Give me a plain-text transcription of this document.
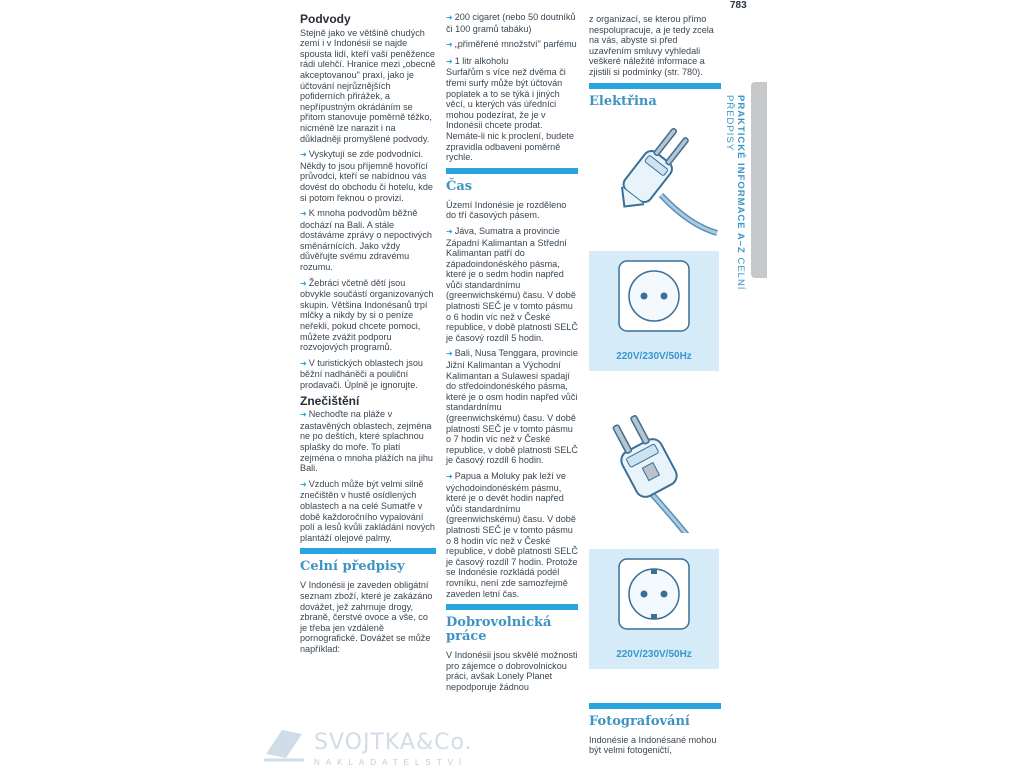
783
PRAKTICKÉ INFORMACE A–Z CELNÍ PŘEDPISY
Podvody

Stejně jako ve většině chudých zemí i v Indonésii se najde spousta lidí, kteří vaší peněžence rádi ulehčí. Hranice mezi „obecně akceptovanou" praxí, jako je účtování nejrůznějších pofiderních přirážek, a nepřípustným okrádáním se přitom stanovuje poměrně těžko, nicméně lze narazit i na důkladněji promyšlené podvody.

➜ Vyskytují se zde podvodníci. Někdy to jsou příjemně hovořící průvodci, kteří se nabídnou vás dovést do obchodu či hotelu, kde si potom řeknou o provizi.

➜ K mnoha podvodům běžně dochází na Bali. A stále dostáváme zprávy o nepoctivých směnárnících. Jako vždy důvěřujte svému zdravému rozumu.

➜ Žebráci včetně dětí jsou obvykle součástí organizovaných skupin. Většina Indonésanů trpí mlčky a nikdy by si o peníze neřekli, pokud chcete pomoci, můžete zvážit podporu rozvojových programů.

➜ V turistických oblastech jsou běžní nadháněči a pouliční prodavači. Úplně je ignorujte.

Znečištění

➜ Nechoďte na pláže v zastavěných oblastech, zejména ne po deštích, které splachnou splašky do moře. To platí zejména o mnoha plážích na jihu Bali.

➜ Vzduch může být velmi silně znečištěn v hustě osídlených oblastech a na celé Sumatře v době každoročního vypalování polí a lesů kvůli zakládání nových plantáží olejové palmy.

Celní předpisy

V Indonésii je zaveden obligátní seznam zboží, které je zakázáno dovážet, jež zahrnuje drogy, zbraně, čerstvé ovoce a vše, co je třeba jen vzdáleně pornografické. Dovážet se může například:

➜ 200 cigaret (nebo 50 doutníků či 100 gramů tabáku)

➜ „přiměřené množství" parfému

➜ 1 litr alkoholu

Surfařům s více než dvěma či třemi surfy může být účtován poplatek a to se týká i jiných věcí, u kterých vás úředníci mohou podezírat, že je v Indonésii chcete prodat. Nemáte-li nic k proclení, budete zpravidla odbaveni poměrně rychle.

Čas

Území Indonésie je rozděleno do tří časových pásem.

➜ Jáva, Sumatra a provincie Západní Kalimantan a Střední Kalimantan patří do západoindonéského pásma, které je o sedm hodin napřed vůči standardnímu (greenwichskému) času. V době platnosti SEČ je v tomto pásmu o 6 hodin víc než v České republice, v době platnosti SELČ je časový rozdíl 5 hodin.

➜ Bali, Nusa Tenggara, provincie Jižní Kalimantan a Východní Kalimantan a Sulawesi spadají do středoindonéského pásma, které je o osm hodin napřed vůči standardnímu (greenwichskému) času. V době platnosti SEČ je v tomto pásmu o 7 hodin víc než v České republice, v době platnosti SELČ je časový rozdíl 6 hodin.

➜ Papua a Moluky pak leží ve východoindonéském pásmu, které je o devět hodin napřed vůči standardnímu (greenwichskému) času. V době platnosti SEČ je v tomto pásmu o 8 hodin víc než v České republice, v době platnosti SELČ je časový rozdíl 7 hodin. Protože se Indonésie rozkládá podél rovníku, není zde samozřejmě zaveden letní čas.

Dobrovolnická práce

V Indonésii jsou skvělé možnosti pro zájemce o dobrovolnickou práci, avšak Lonely Planet nepodporuje žádnou

z organizací, se kterou přímo nespolupracuje, a je tedy zcela na vás, abyste si před uzavřením smluvy vyhledali veškeré náležité informace a zjistili si podmínky (str. 780).

Elektřina
220V/230V/50Hz
220V/230V/50Hz
Fotografování

Indonésie a Indonésané mohou být velmi fotogeničtí,

SVOJTKA&Co.
NAKLADATELSTVÍ
